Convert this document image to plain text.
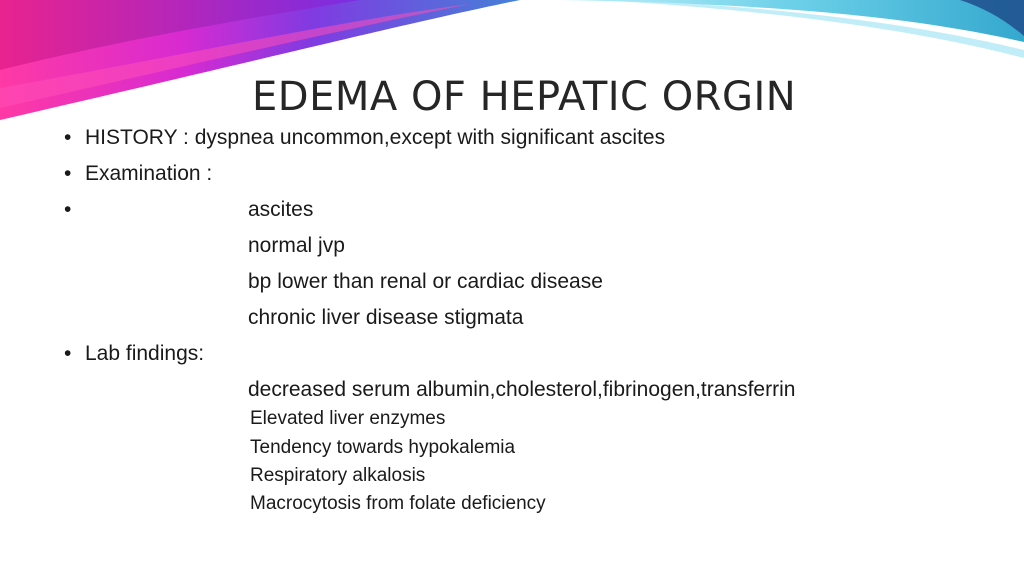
EDEMA OF HEPATIC ORGIN
• HISTORY : dyspnea uncommon,except with significant ascites
• Examination :
•	ascites
normal jvp
bp lower than renal or cardiac disease
chronic liver disease stigmata
• Lab findings:
decreased serum albumin,cholesterol,fibrinogen,transferrin
Elevated liver enzymes
Tendency towards hypokalemia
Respiratory alkalosis
Macrocytosis from folate deficiency
